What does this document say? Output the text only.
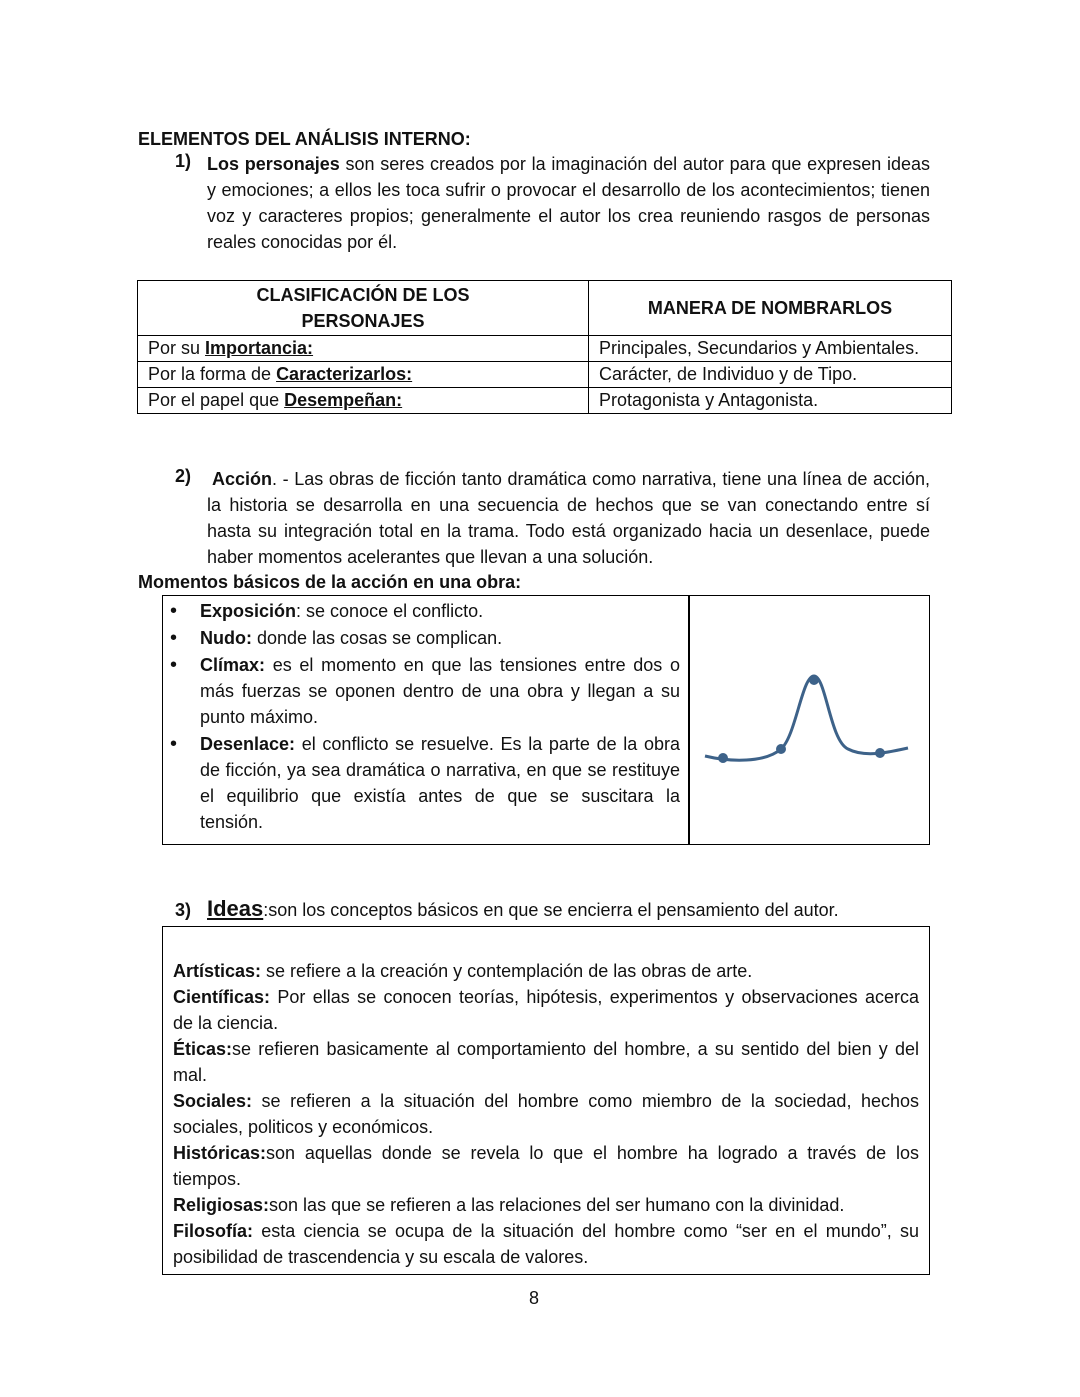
ELEMENTOS DEL ANÁLISIS INTERNO:
1) Los personajes son seres creados por la imaginación del autor para que expresen ideas y emociones; a ellos les toca sufrir o provocar el desarrollo de los acontecimientos; tienen voz y caracteres propios; generalmente el autor los crea reuniendo rasgos de personas reales conocidas por él.
CLASIFICACIÓN DE LOS PERSONAJES	MANERA DE NOMBRARLOS
Por su Importancia:	Principales, Secundarios y Ambientales.
Por la forma de Caracterizarlos:	Carácter, de Individuo y de Tipo.
Por el papel que Desempeñan:	Protagonista y Antagonista.
2) Acción. - Las obras de ficción tanto dramática como narrativa, tiene una línea de acción, la historia se desarrolla en una secuencia de hechos que se van conectando entre sí hasta su integración total en la trama. Todo está organizado hacia un desenlace, puede haber momentos acelerantes que llevan a una solución.
Momentos básicos de la acción en una obra:
• Exposición: se conoce el conflicto.
• Nudo: donde las cosas se complican.
• Clímax: es el momento en que las tensiones entre dos o más fuerzas se oponen dentro de una obra y llegan a su punto máximo.
• Desenlace: el conflicto se resuelve. Es la parte de la obra de ficción, ya sea dramática o narrativa, en que se restituye el equilibrio que existía antes de que se suscitara la tensión.
3) Ideas:son los conceptos básicos en que se encierra el pensamiento del autor.

Artísticas: se refiere a la creación y contemplación de las obras de arte.

Científicas: Por ellas se conocen teorías, hipótesis, experimentos y observaciones acerca de la ciencia.

Éticas:se refieren basicamente al comportamiento del hombre, a su sentido del bien y del mal.

Sociales: se refieren a la situación del hombre como miembro de la sociedad, hechos sociales, politicos y económicos.

Históricas:son aquellas donde se revela lo que el hombre ha logrado a través de los tiempos.

Religiosas:son las que se refieren a las relaciones del ser humano con la divinidad.

Filosofía: esta ciencia se ocupa de la situación del hombre como “ser en el mundo”, su posibilidad de trascendencia y su escala de valores.

8
